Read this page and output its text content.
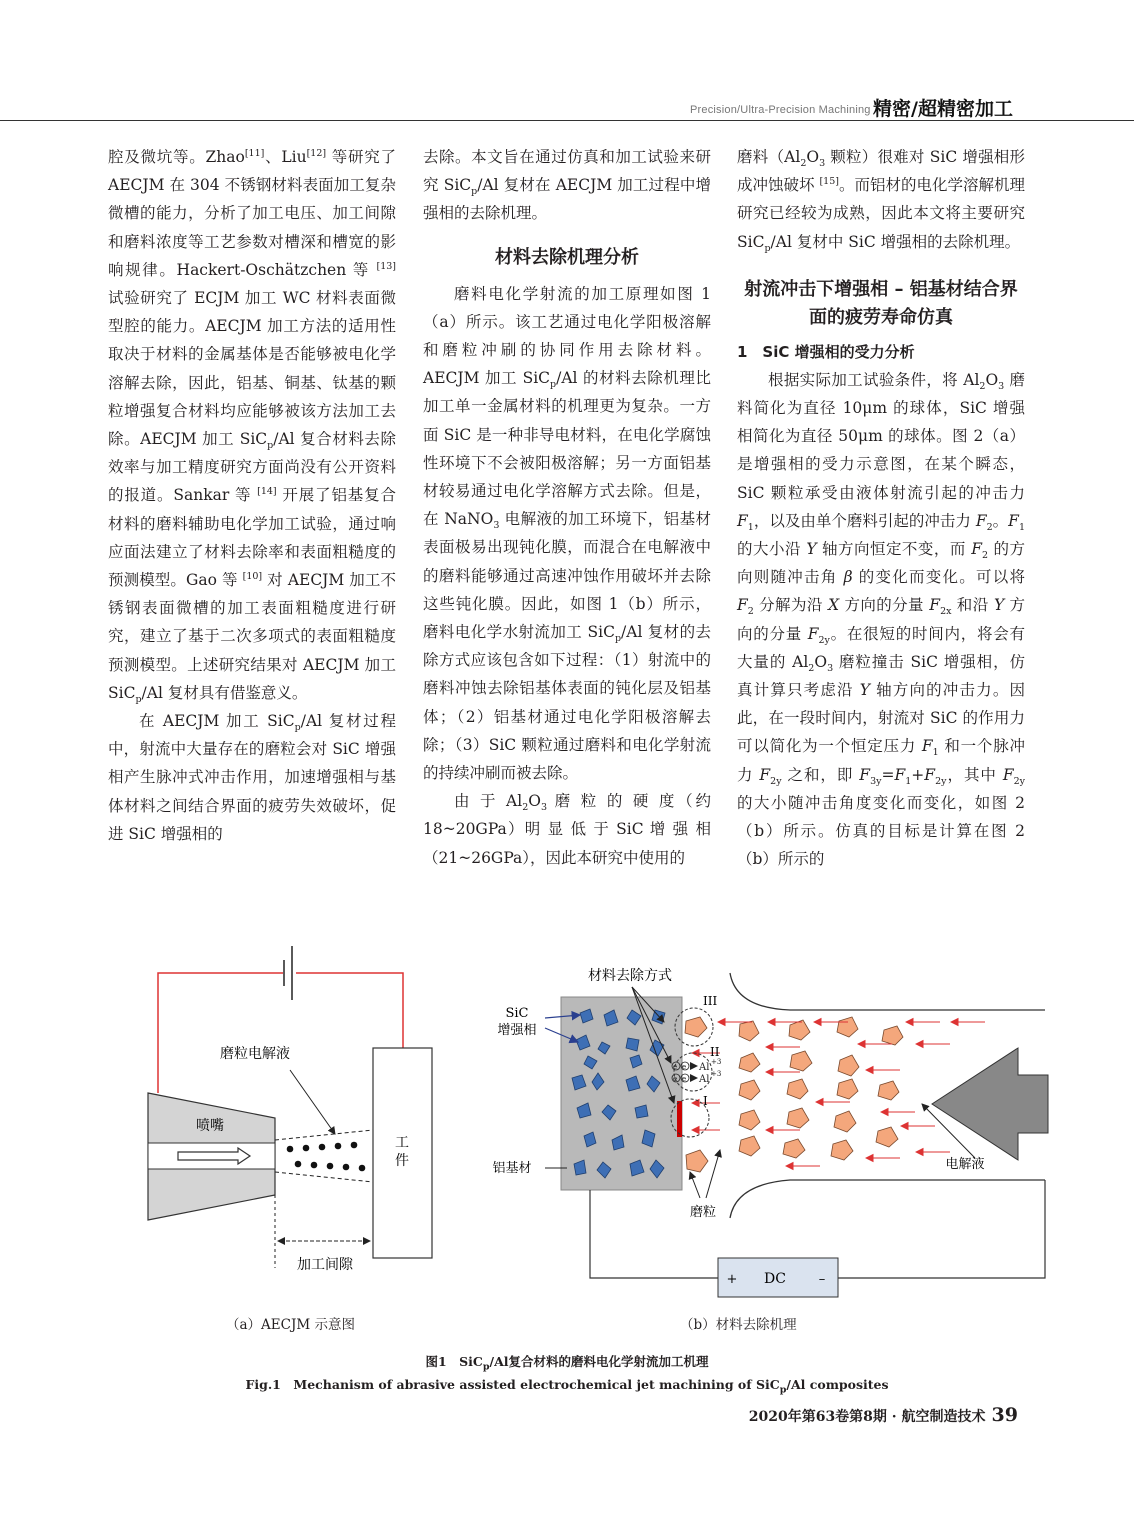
Precision/Ultra-Precision Machining 精密/超精密加工

腔及微坑等。Zhao[11]、Liu[12] 等研究了 AECJM 在 304 不锈钢材料表面加工复杂微槽的能力，分析了加工电压、加工间隙和磨料浓度等工艺参数对槽深和槽宽的影响规律。Hackert-Oschätzchen 等 [13] 试验研究了 ECJM 加工 WC 材料表面微型腔的能力。AECJM 加工方法的适用性取决于材料的金属基体是否能够被电化学溶解去除，因此，铝基、铜基、钛基的颗粒增强复合材料均应能够被该方法加工去除。AECJM 加工 SiC$_p$/Al 复合材料去除效率与加工精度研究方面尚没有公开资料的报道。Sankar 等 [14] 开展了铝基复合材料的磨料辅助电化学加工试验，通过响应面法建立了材料去除率和表面粗糙度的预测模型。Gao 等 [10] 对 AECJM 加工不锈钢表面微槽的加工表面粗糙度进行研究，建立了基于二次多项式的表面粗糙度预测模型。上述研究结果对 AECJM 加工 SiC$_p$/Al 复材具有借鉴意义。

在 AECJM 加工 SiC$_p$/Al 复材过程中，射流中大量存在的磨粒会对 SiC 增强相产生脉冲式冲击作用，加速增强相与基体材料之间结合界面的疲劳失效破坏，促进 SiC 增强相的

去除。本文旨在通过仿真和加工试验来研究 SiC$_p$/Al 复材在 AECJM 加工过程中增强相的去除机理。

材料去除机理分析

磨料电化学射流的加工原理如图 1（a）所示。该工艺通过电化学阳极溶解和磨粒冲刷的协同作用去除材料。AECJM 加工 SiC$_p$/Al 的材料去除机理比加工单一金属材料的机理更为复杂。一方面 SiC 是一种非导电材料，在电化学腐蚀性环境下不会被阳极溶解；另一方面铝基材较易通过电化学溶解方式去除。但是，在 NaNO$_3$ 电解液的加工环境下，铝基材表面极易出现钝化膜，而混合在电解液中的磨料能够通过高速冲蚀作用破坏并去除这些钝化膜。因此，如图 1（b）所示，磨料电化学水射流加工 SiC$_p$/Al 复材的去除方式应该包含如下过程：（1）射流中的磨料冲蚀去除铝基体表面的钝化层及铝基体；（2）铝基材通过电化学阳极溶解去除；（3）SiC 颗粒通过磨料和电化学射流的持续冲刷而被去除。

由 于 $Al_2O_3$ 磨 粒 的 硬 度（约 18~20GPa）明 显 低 于 SiC 增 强 相（21~26GPa），因此本研究中使用的

磨料（$Al_2O_3$ 颗粒）很难对 SiC 增强相形成冲蚀破坏 [15]。而铝材的电化学溶解机理研究已经较为成熟，因此本文将主要研究 SiC$_p$/Al 复材中 SiC 增强相的去除机理。

射流冲击下增强相 – 铝基材结合界面的疲劳寿命仿真
1　SiC 增强相的受力分析

根据实际加工试验条件，将 $Al_2O_3$ 磨料简化为直径 10μm 的球体，SiC 增强相简化为直径 50μm 的球体。图 2（a）是增强相的受力示意图，在某个瞬态，SiC 颗粒承受由液体射流引起的冲击力 $F_1$，以及由单个磨料引起的冲击力 $F_2$。$F_1$ 的大小沿 Y 轴方向恒定不变，而 $F_2$ 的方向则随冲击角 β 的变化而变化。可以将 $F_2$ 分解为沿 X 方向的分量 $F_{2x}$ 和沿 Y 方向的分量 $F_{2y}$。在很短的时间内，将会有大量的 $Al_2O_3$ 磨粒撞击 SiC 增强相，仿真计算只考虑沿 Y 轴方向的冲击力。因此，在一段时间内，射流对 SiC 的作用力可以简化为一个恒定压力 $F_1$ 和一个脉冲力 $F_{2y}$ 之和，即 $F_{3y}=F_1+F_{2y}$，其中 $F_{2y}$ 的大小随冲击角度变化而变化，如图 2（b）所示。仿真的目标是计算在图 2（b）所示的

喷嘴
磨粒电解液
工
件
加工间隙
e e
e e
Al +3
Al +3
III
II
I
材料去除方式
SiC
增强相
铝基材
磨粒
电解液
+ DC	–
（a）AECJM 示意图	（b）材料去除机理
图1　SiC$_p$/Al复合材料的磨料电化学射流加工机理
Fig.1　Mechanism of abrasive assisted electrochemical jet machining of SiC$_p$/Al composites
2020年第63卷第8期 · 航空制造技术 39
